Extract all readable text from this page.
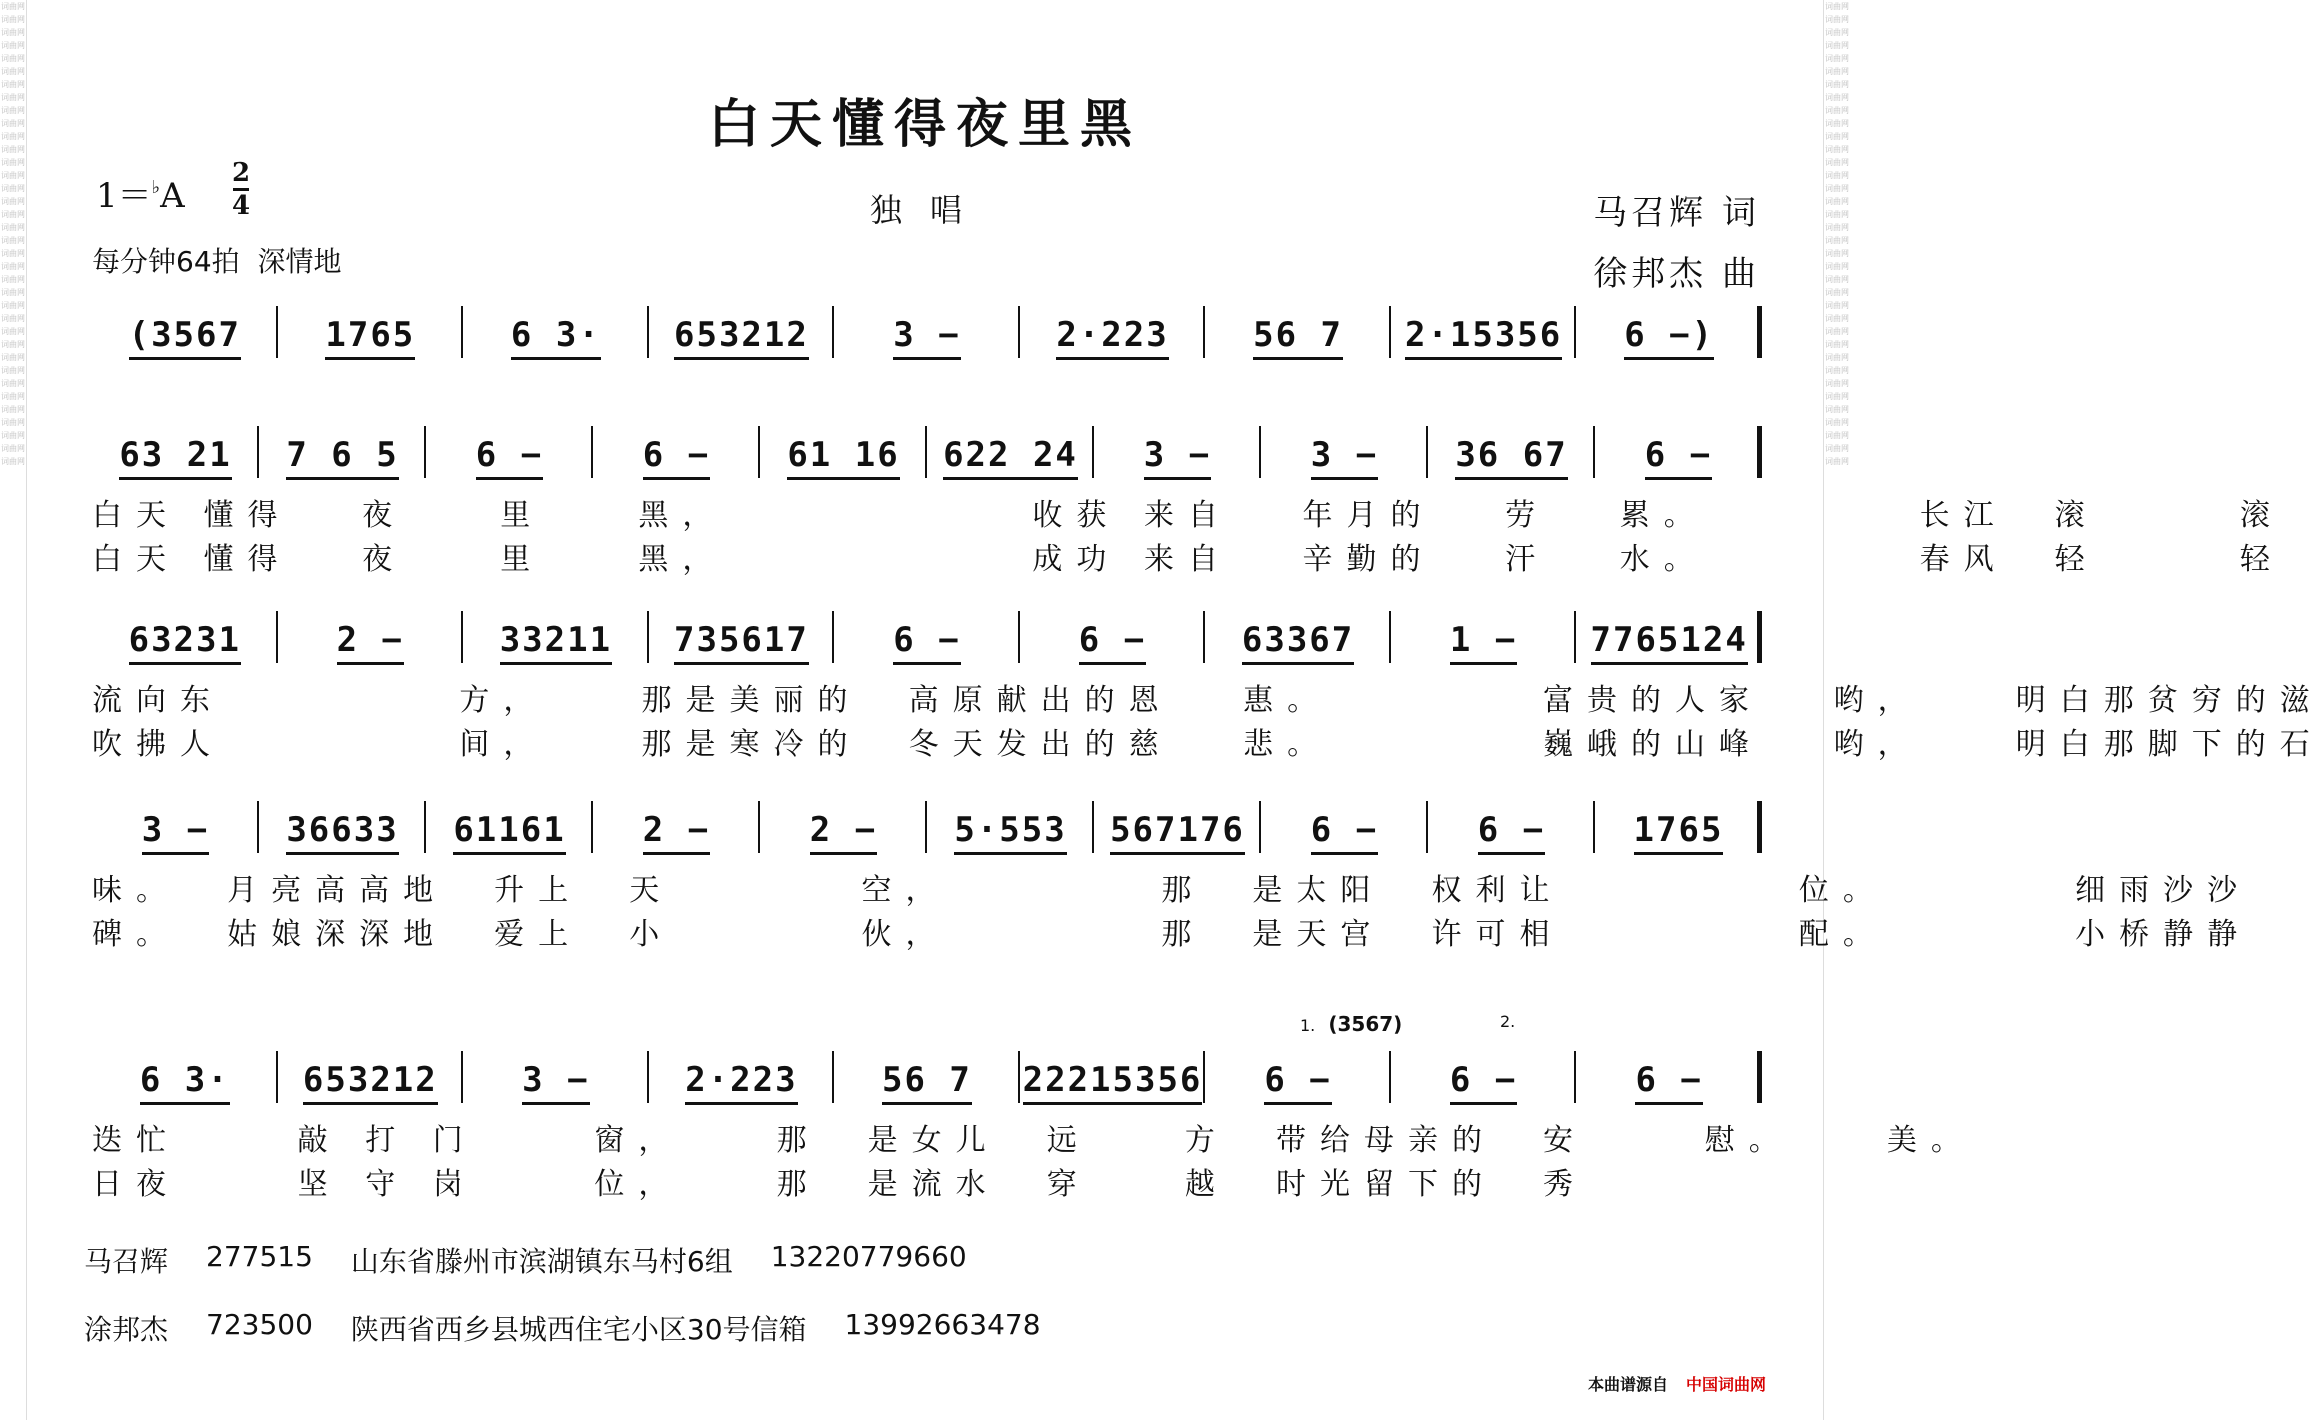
词曲网词曲网词曲网词曲网词曲网词曲网词曲网词曲网词曲网词曲网词曲网词曲网词曲网词曲网词曲网词曲网词曲网词曲网词曲网词曲网词曲网词曲网词曲网词曲网词曲网词曲网词曲网词曲网词曲网词曲网词曲网词曲网词曲网词曲网词曲网词曲网
词曲网词曲网词曲网词曲网词曲网词曲网词曲网词曲网词曲网词曲网词曲网词曲网词曲网词曲网词曲网词曲网词曲网词曲网词曲网词曲网词曲网词曲网词曲网词曲网词曲网词曲网词曲网词曲网词曲网词曲网词曲网词曲网词曲网词曲网词曲网词曲网
白天懂得夜里黑
1＝♭A
2
4	独唱
每分钟64拍 深情地
马召辉 词
徐邦杰 曲
(3567 1765	6 3· 653212 3 −	2·223 56 7 2·15356 6 −)
63 21 7 6 5 6 −	6 − 61 16 622 24 3 −	3 − 36 67 6 −
白天 懂得   夜    里    黑，             收获 来自   年月的   劳   累。         长江  滚      滚
白天 懂得   夜    里    黑，             成功 来自   辛勤的   汗   水。         春风  轻      轻
63231	2 −	33211 735617 6 −	6 −	63367	1 − 7765124
流向东          方，    那是美丽的  高原献出的恩   惠。         富贵的人家   哟，    明白那贫穷的滋
吹拂人          间，    那是寒冷的  冬天发出的慈   悲。         巍峨的山峰   哟，    明白那脚下的石
3 − 36633 61161 2 −	2 − 5·553 567176 6 −	6 −	1765
味。  月亮高高地  升上  天        空，         那  是太阳  权利让          位。        细雨沙沙
碑。  姑娘深深地  爱上  小        伙，         那  是天宫  许可相          配。        小桥静静
6 3· 653212 3 −	2·223 56 7 22215356 6 −	6 −	6 −
迭忙     敲 打 门     窗，    那  是女儿  远    方  带给母亲的  安     慰。    美。
日夜     坚 守 岗     位，    那  是流水  穿    越  时光留下的  秀
1. (3567)	2.
马召辉 277515 山东省滕州市滨湖镇东马村6组 13220779660
涂邦杰 723500 陕西省西乡县城西住宅小区30号信箱 13992663478
本曲谱源自 中国词曲网
